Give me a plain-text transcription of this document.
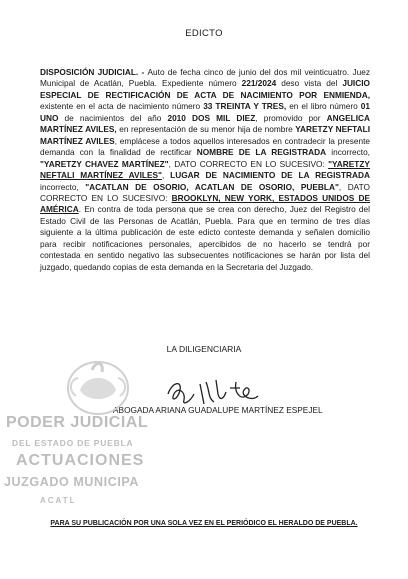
EDICTO

DISPOSICIÓN JUDICIAL. - Auto de fecha cinco de junio del dos mil veinticuatro. Juez Municipal de Acatlán, Puebla. Expediente número 221/2024 deso vista del JUICIO ESPECIAL DE RECTIFICACIÓN DE ACTA DE NACIMIENTO POR ENMIENDA, existente en el acta de nacimiento número 33 TREINTA Y TRES, en el libro número 01 UNO de nacimientos del año 2010 DOS MIL DIEZ, promovido por ANGELICA MARTÍNEZ AVILES, en representación de su menor hija de nombre YARETZY NEFTALI MARTÍNEZ AVILES, emplácese a todos aquellos interesados en contradecir la presente demanda con la finalidad de rectificar NOMBRE DE LA REGISTRADA incorrecto, "YARETZY CHAVEZ MARTÍNEZ", DATO CORRECTO EN LO SUCESIVO: "YARETZY NEFTALI MARTÍNEZ AVILES", LUGAR DE NACIMIENTO DE LA REGISTRADA incorrecto, "ACATLAN DE OSORIO, ACATLAN DE OSORIO, PUEBLA", DATO CORRECTO EN LO SUCESIVO: BROOKLYN, NEW YORK, ESTADOS UNIDOS DE AMÉRICA. En contra de toda persona que se crea con derecho, Juez del Registro del Estado Civil de las Personas de Acatlán, Puebla. Para que en termino de tres días siguiente a la última publicación de este edicto conteste demanda y señalen domicilio para recibir notificaciones personales, apercibidos de no hacerlo se tendrá por contestada en sentido negativo las subsecuentes notificaciones se harán por lista del juzgado, quedando copias de esta demanda en la Secretaria del Juzgado.

LA DILIGENCIARIA
ABOGADA ARIANA GUADALUPE MARTÍNEZ ESPEJEL
PODER JUDICIAL
DEL ESTADO DE PUEBLA
ACTUACIONES
JUZGADO MUNICIPA
ACATL
PARA SU PUBLICACIÓN POR UNA SOLA VEZ EN EL PERIÓDICO EL HERALDO DE PUEBLA.
